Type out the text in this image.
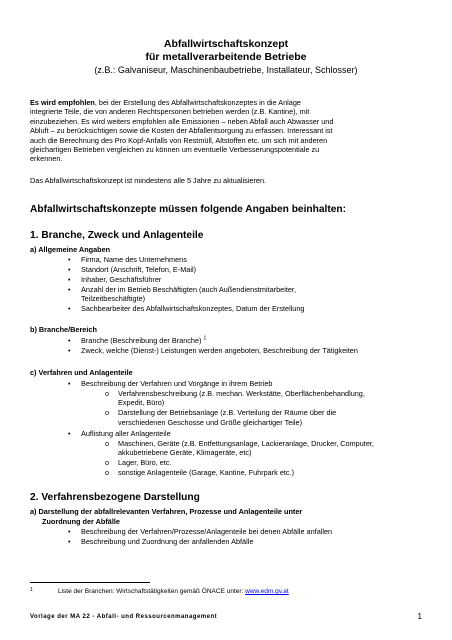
Abfallwirtschaftskonzept
für metallverarbeitende Betriebe
(z.B.: Galvaniseur, Maschinenbaubetriebe, Installateur, Schlosser)
Es wird empfohlen, bei der Erstellung des Abfallwirtschaftskonzeptes in die Anlage
integrierte Teile, die von anderen Rechtspersonen betrieben werden (z.B. Kantine), mit
einzubeziehen. Es wird weiters empfohlen alle Emissionen – neben Abfall auch Abwasser und
Abluft – zu berücksichtigen sowie die Kosten der Abfallentsorgung zu erfassen. Interessant ist
auch die Berechnung des Pro Kopf-Anfalls von Restmüll, Altstoffen etc. um sich mit anderen
gleichartigen Betrieben vergleichen zu können um eventuelle Verbesserungspotentiale zu
erkennen.
Das Abfallwirtschaftskonzept ist mindestens alle 5 Jahre zu aktualisieren.
Abfallwirtschaftskonzepte müssen folgende Angaben beinhalten:
1. Branche, Zweck und Anlagenteile
a) Allgemeine Angaben
• Firma, Name des Unternehmens
• Standort (Anschrift, Telefon, E-Mail)
• Inhaber, Geschäftsführer
• Anzahl der im Betrieb Beschäftigten (auch Außendienstmitarbeiter,
Teilzeitbeschäftigte)
• Sachbearbeiter des Abfallwirtschaftskonzeptes, Datum der Erstellung
b) Branche/Bereich
• Branche (Beschreibung der Branche) $^1$
• Zweck, welche (Dienst-) Leistungen werden angeboten, Beschreibung der Tätigkeiten
c) Verfahren und Anlagenteile
• Beschreibung der Verfahren und Vorgänge in ihrem Betrieb
o Verfahrensbeschreibung (z.B. mechan. Werkstätte, Oberflächenbehandlung,
Expedit, Büro)
o Darstellung der Betriebsanlage (z.B. Verteilung der Räume über die
verschiedenen Geschosse und Größe gleichartiger Teile)
• Auflistung aller Anlagenteile
o Maschinen, Geräte (z.B. Entfettungsanlage, Lackieranlage, Drucker, Computer,
akkubetriebene Geräte, Klimageräte, etc)
o Lager, Büro, etc.
o sonstige Anlagenteile (Garage, Kantine, Fuhrpark etc.)
2. Verfahrensbezogene Darstellung
a) Darstellung der abfallrelevanten Verfahren, Prozesse und Anlagenteile unter
Zuordnung der Abfälle
• Beschreibung der Verfahren/Prozesse/Anlagenteile bei denen Abfälle anfallen
• Beschreibung und Zuordnung der anfallenden Abfälle
1	Liste der Branchen: Wirtschaftstätigkeiten gemäß ÖNACE unter: www.edm.gv.at
Vorlage der MA 22 - Abfall- und Ressourcenmanagement	1
